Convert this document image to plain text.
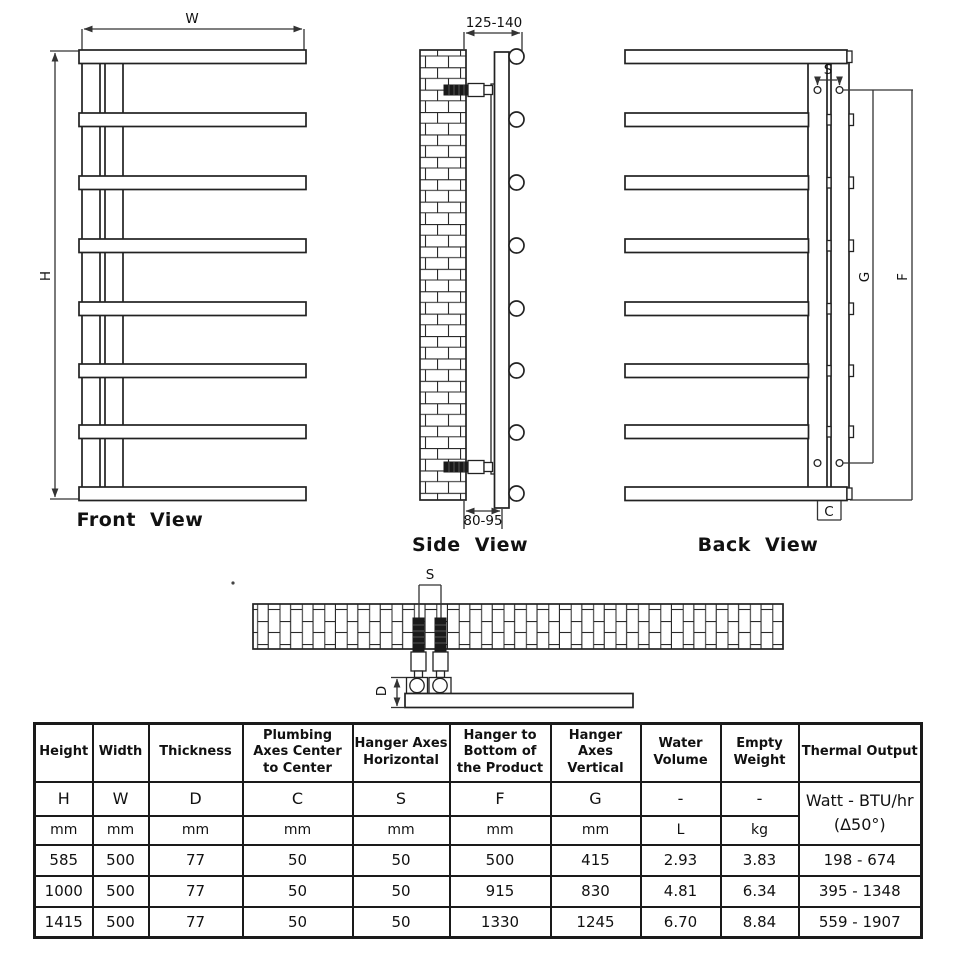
W
H
Front View
125-140
80-95
Side View
S
G F
C
Back View
S
D
Height	Width	Thickness	Plumbing Axes Center to Center	Hanger Axes Horizontal	Hanger to Bottom of the Product	Hanger Axes Vertical	Water Volume	Empty Weight	Thermal Output
H	W	D	C	S	F	G	-	-	Watt - BTU/hr
(Δ50°)

mm	mm	mm	mm	mm	mm	mm	L	kg	
585	500	77	50	50	500	415	2.93	3.83	198 - 674
1000	500	77	50	50	915	830	4.81	6.34	395 - 1348
1415	500	77	50	50	1330	1245	6.70	8.84	559 - 1907
